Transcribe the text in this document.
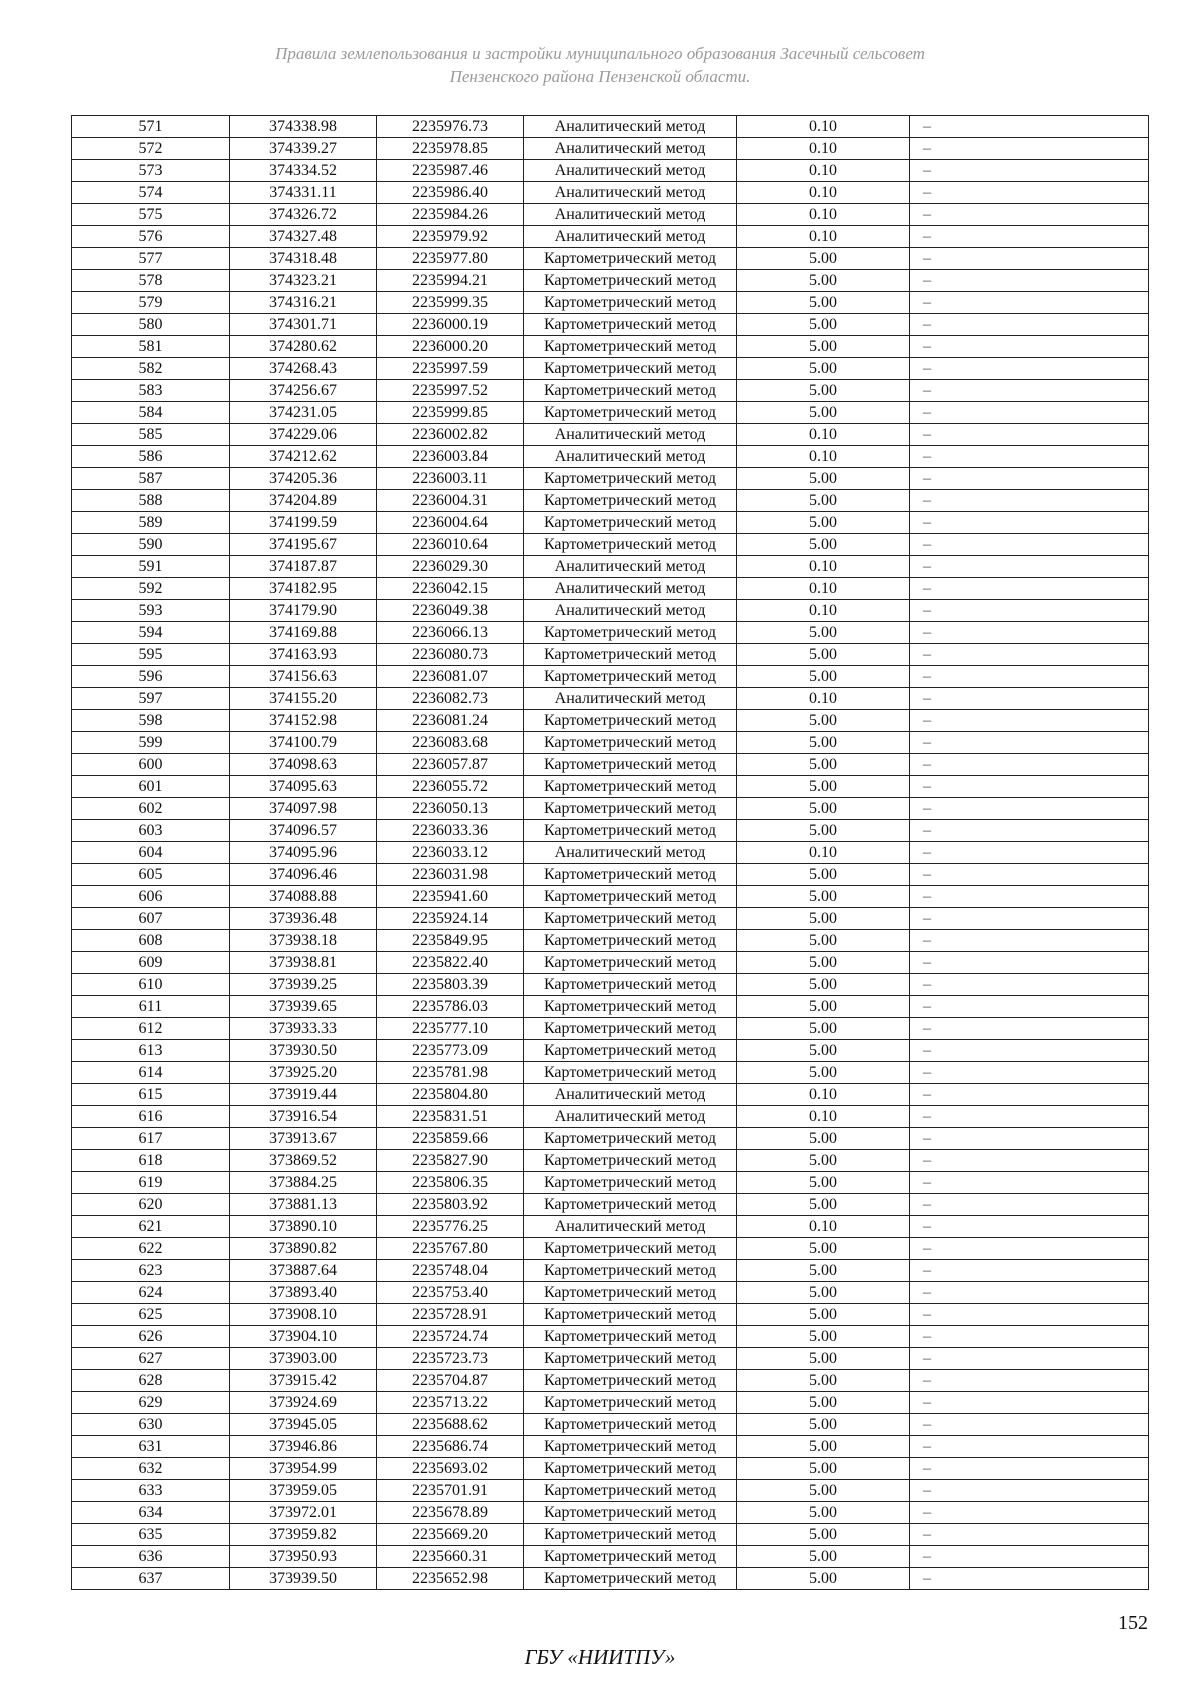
Правила землепользования и застройки муниципального образования Засечный сельсовет
Пензенского района Пензенской области.
571	374338.98	2235976.73	Аналитический метод	0.10	–
572	374339.27	2235978.85	Аналитический метод	0.10	–
573	374334.52	2235987.46	Аналитический метод	0.10	–
574	374331.11	2235986.40	Аналитический метод	0.10	–
575	374326.72	2235984.26	Аналитический метод	0.10	–
576	374327.48	2235979.92	Аналитический метод	0.10	–
577	374318.48	2235977.80	Картометрический метод	5.00	–
578	374323.21	2235994.21	Картометрический метод	5.00	–
579	374316.21	2235999.35	Картометрический метод	5.00	–
580	374301.71	2236000.19	Картометрический метод	5.00	–
581	374280.62	2236000.20	Картометрический метод	5.00	–
582	374268.43	2235997.59	Картометрический метод	5.00	–
583	374256.67	2235997.52	Картометрический метод	5.00	–
584	374231.05	2235999.85	Картометрический метод	5.00	–
585	374229.06	2236002.82	Аналитический метод	0.10	–
586	374212.62	2236003.84	Аналитический метод	0.10	–
587	374205.36	2236003.11	Картометрический метод	5.00	–
588	374204.89	2236004.31	Картометрический метод	5.00	–
589	374199.59	2236004.64	Картометрический метод	5.00	–
590	374195.67	2236010.64	Картометрический метод	5.00	–
591	374187.87	2236029.30	Аналитический метод	0.10	–
592	374182.95	2236042.15	Аналитический метод	0.10	–
593	374179.90	2236049.38	Аналитический метод	0.10	–
594	374169.88	2236066.13	Картометрический метод	5.00	–
595	374163.93	2236080.73	Картометрический метод	5.00	–
596	374156.63	2236081.07	Картометрический метод	5.00	–
597	374155.20	2236082.73	Аналитический метод	0.10	–
598	374152.98	2236081.24	Картометрический метод	5.00	–
599	374100.79	2236083.68	Картометрический метод	5.00	–
600	374098.63	2236057.87	Картометрический метод	5.00	–
601	374095.63	2236055.72	Картометрический метод	5.00	–
602	374097.98	2236050.13	Картометрический метод	5.00	–
603	374096.57	2236033.36	Картометрический метод	5.00	–
604	374095.96	2236033.12	Аналитический метод	0.10	–
605	374096.46	2236031.98	Картометрический метод	5.00	–
606	374088.88	2235941.60	Картометрический метод	5.00	–
607	373936.48	2235924.14	Картометрический метод	5.00	–
608	373938.18	2235849.95	Картометрический метод	5.00	–
609	373938.81	2235822.40	Картометрический метод	5.00	–
610	373939.25	2235803.39	Картометрический метод	5.00	–
611	373939.65	2235786.03	Картометрический метод	5.00	–
612	373933.33	2235777.10	Картометрический метод	5.00	–
613	373930.50	2235773.09	Картометрический метод	5.00	–
614	373925.20	2235781.98	Картометрический метод	5.00	–
615	373919.44	2235804.80	Аналитический метод	0.10	–
616	373916.54	2235831.51	Аналитический метод	0.10	–
617	373913.67	2235859.66	Картометрический метод	5.00	–
618	373869.52	2235827.90	Картометрический метод	5.00	–
619	373884.25	2235806.35	Картометрический метод	5.00	–
620	373881.13	2235803.92	Картометрический метод	5.00	–
621	373890.10	2235776.25	Аналитический метод	0.10	–
622	373890.82	2235767.80	Картометрический метод	5.00	–
623	373887.64	2235748.04	Картометрический метод	5.00	–
624	373893.40	2235753.40	Картометрический метод	5.00	–
625	373908.10	2235728.91	Картометрический метод	5.00	–
626	373904.10	2235724.74	Картометрический метод	5.00	–
627	373903.00	2235723.73	Картометрический метод	5.00	–
628	373915.42	2235704.87	Картометрический метод	5.00	–
629	373924.69	2235713.22	Картометрический метод	5.00	–
630	373945.05	2235688.62	Картометрический метод	5.00	–
631	373946.86	2235686.74	Картометрический метод	5.00	–
632	373954.99	2235693.02	Картометрический метод	5.00	–
633	373959.05	2235701.91	Картометрический метод	5.00	–
634	373972.01	2235678.89	Картометрический метод	5.00	–
635	373959.82	2235669.20	Картометрический метод	5.00	–
636	373950.93	2235660.31	Картометрический метод	5.00	–
637	373939.50	2235652.98	Картометрический метод	5.00	–
152
ГБУ «НИИТПУ»
